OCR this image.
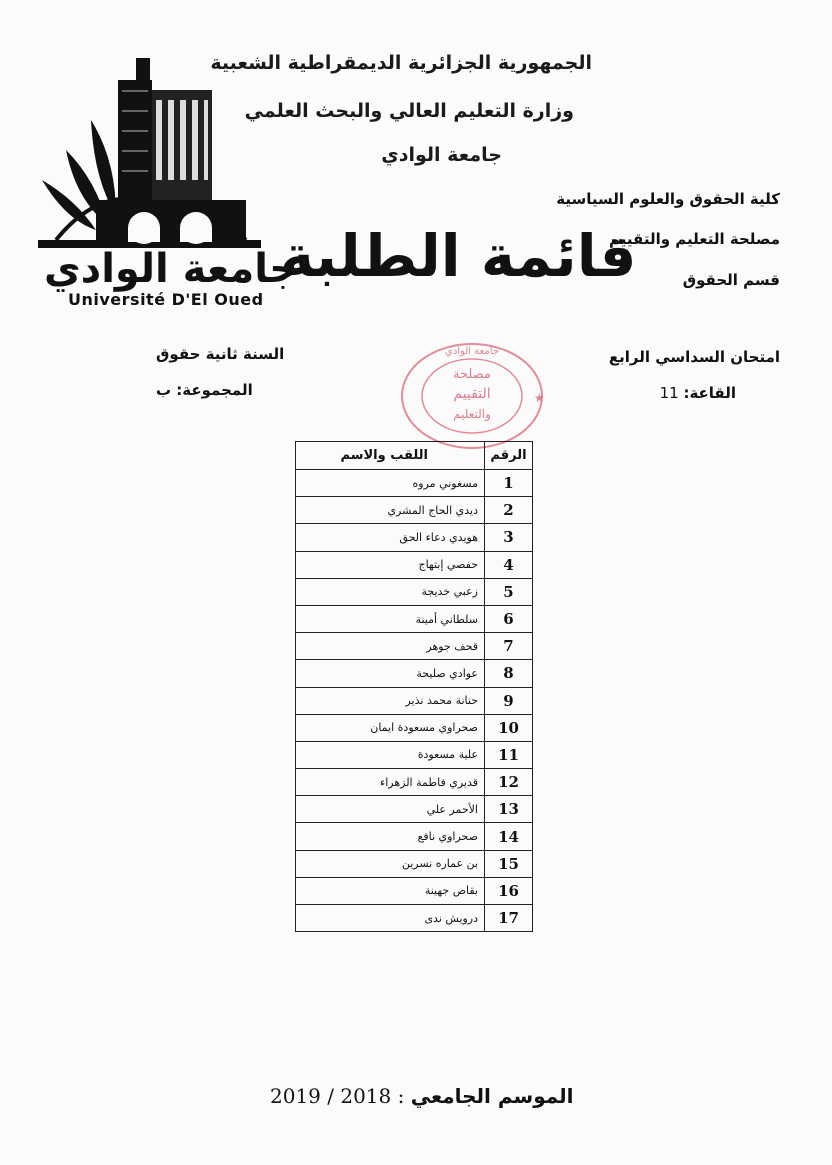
الجمهورية الجزائرية الديمقراطية الشعبية
وزارة التعليم العالي والبحث العلمي
جامعة الوادي
كلية الحقوق والعلوم السياسية
مصلحة التعليم والتقييم
قسم الحقوق
جامعة الوادي
Université D'El Oued
قائمة الطلبة
امتحان السداسي الرابع
القاعة: 11
السنة ثانية حقوق
المجموعة: ب
مصلحة
التقييم
والتعليم
جامعة الوادي
★
الرقم	اللقب والاسم
1	مسغوني مروه
2	ديدي الحاج المشري
3	هويدي دعاء الحق
4	حفصي إبتهاج
5	زعبي خديجة
6	سلطاني أمينة
7	قحف جوهر
8	عوادي صليحة
9	حنانة محمد نذير
10	صحراوي مسعودة ايمان
11	علية مسعودة
12	قديري فاطمة الزهراء
13	الأحمر علي
14	صحراوي نافع
15	بن عماره نسرين
16	بقاص جهينة
17	درويش ندى
2019 / 2018 : الموسم الجامعي
